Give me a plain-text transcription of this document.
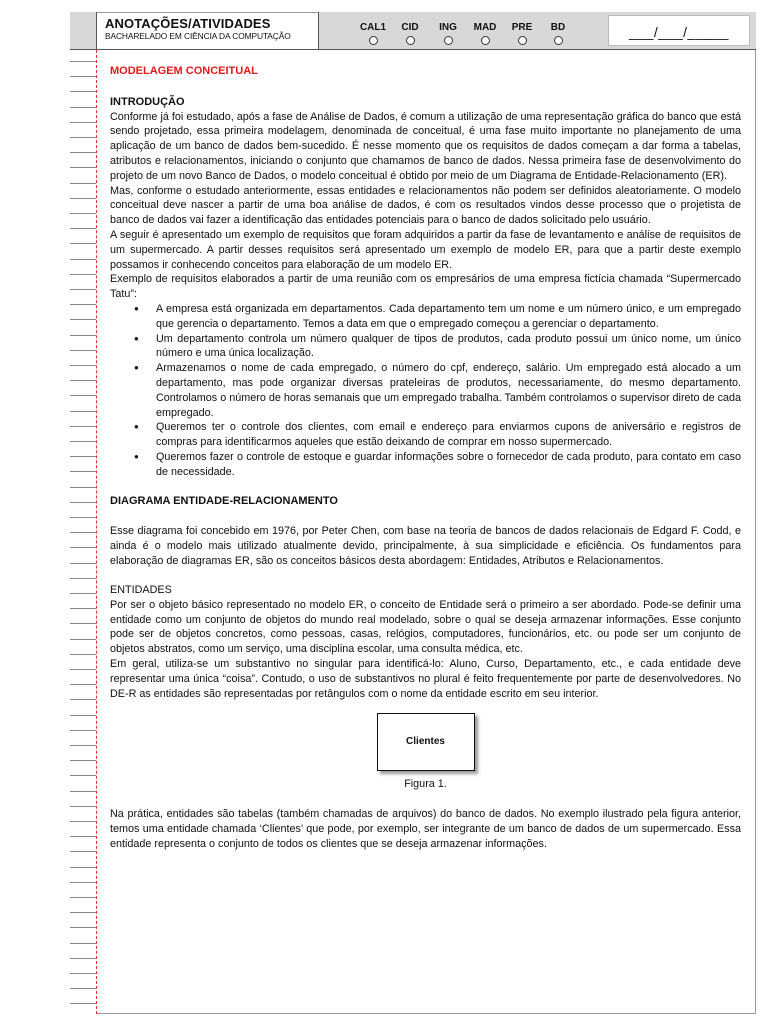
ANOTAÇÕES/ATIVIDADES
BACHARELADO EM CIÊNCIA DA COMPUTAÇÃO
CAL1	CID	ING	MAD	PRE	BD	___/___/_____

MODELAGEM CONCEITUAL

INTRODUÇÃO

Conforme já foi estudado, após a fase de Análise de Dados, é comum a utilização de uma representação gráfica do banco que está sendo projetado, essa primeira modelagem, denominada de conceitual, é uma fase muito importante no planejamento de uma aplicação de um banco de dados bem-sucedido. É nesse momento que os requisitos de dados começam a dar forma a tabelas, atributos e relacionamentos, iniciando o conjunto que chamamos de banco de dados. Nessa primeira fase de desenvolvimento do projeto de um novo Banco de Dados, o modelo conceitual é obtido por meio de um Diagrama de Entidade-Relacionamento (ER).

Mas, conforme o estudado anteriormente, essas entidades e relacionamentos não podem ser definidos aleatoriamente. O modelo conceitual deve nascer a partir de uma boa análise de dados, é com os resultados vindos desse processo que o projetista de banco de dados vai fazer a identificação das entidades potenciais para o banco de dados solicitado pelo usuário.

A seguir é apresentado um exemplo de requisitos que foram adquiridos a partir da fase de levantamento e análise de requisitos de um supermercado. A partir desses requisitos será apresentado um exemplo de modelo ER, para que a partir deste exemplo possamos ir conhecendo conceitos para elaboração de um modelo ER.

Exemplo de requisitos elaborados a partir de uma reunião com os empresários de uma empresa fictícia chamada “Supermercado Tatu”:

● A empresa está organizada em departamentos. Cada departamento tem um nome e um número único, e um empregado que gerencia o departamento. Temos a data em que o empregado começou a gerenciar o departamento.
● Um departamento controla um número qualquer de tipos de produtos, cada produto possui um único nome, um único número e uma única localização.
● Armazenamos o nome de cada empregado, o número do cpf, endereço, salário. Um empregado está alocado a um departamento, mas pode organizar diversas prateleiras de produtos, necessariamente, do mesmo departamento. Controlamos o número de horas semanais que um empregado trabalha. Também controlamos o supervisor direto de cada empregado.
● Queremos ter o controle dos clientes, com email e endereço para enviarmos cupons de aniversário e registros de compras para identificarmos aqueles que estão deixando de comprar em nosso supermercado.
● Queremos fazer o controle de estoque e guardar informações sobre o fornecedor de cada produto, para contato em caso de necessidade.

DIAGRAMA ENTIDADE-RELACIONAMENTO

Esse diagrama foi concebido em 1976, por Peter Chen, com base na teoria de bancos de dados relacionais de Edgard F. Codd, e ainda é o modelo mais utilizado atualmente devido, principalmente, à sua simplicidade e eficiência. Os fundamentos para elaboração de diagramas ER, são os conceitos básicos desta abordagem: Entidades, Atributos e Relacionamentos.

ENTIDADES

Por ser o objeto básico representado no modelo ER, o conceito de Entidade será o primeiro a ser abordado. Pode-se definir uma entidade como um conjunto de objetos do mundo real modelado, sobre o qual se deseja armazenar informações. Esse conjunto pode ser de objetos concretos, como pessoas, casas, relógios, computadores, funcionários, etc. ou pode ser um conjunto de objetos abstratos, como um serviço, uma disciplina escolar, uma consulta médica, etc.

Em geral, utiliza-se um substantivo no singular para identificá-lo: Aluno, Curso, Departamento, etc., e cada entidade deve representar uma única “coisa”. Contudo, o uso de substantivos no plural é feito frequentemente por parte de desenvolvedores. No DE-R as entidades são representadas por retângulos com o nome da entidade escrito em seu interior.

Clientes
Figura 1.

Na prática, entidades são tabelas (também chamadas de arquivos) do banco de dados. No exemplo ilustrado pela figura anterior, temos uma entidade chamada ‘Clientes’ que pode, por exemplo, ser integrante de um banco de dados de um supermercado. Essa entidade representa o conjunto de todos os clientes que se deseja armazenar informações.
